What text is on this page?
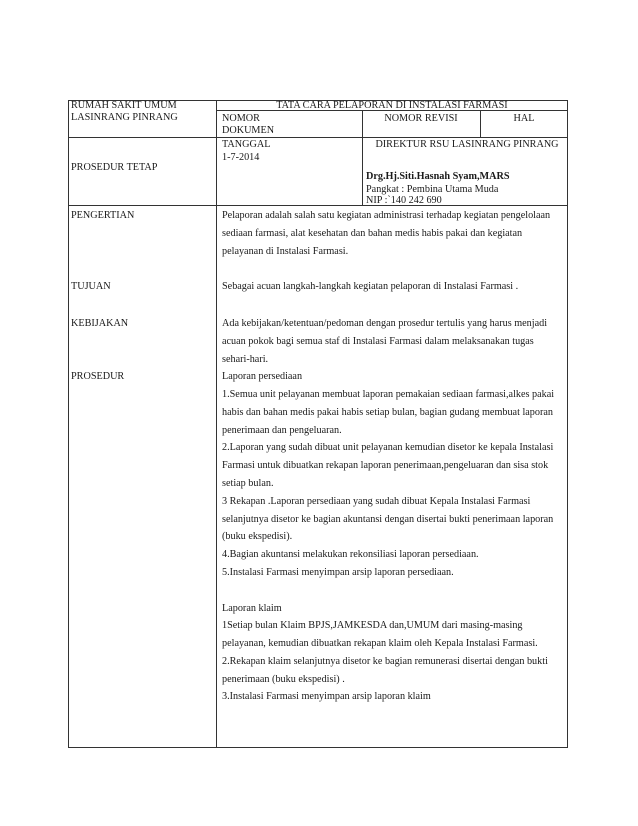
RUMAH SAKIT UMUM
LASINRANG PINRANG
TATA CARA PELAPORAN DI INSTALASI FARMASI
NOMOR
DOKUMEN
NOMOR REVISI	HAL
PROSEDUR TETAP
TANGGAL
1-7-2014
DIREKTUR RSU LASINRANG PINRANG
Drg.Hj.Siti.Hasnah Syam,MARS
Pangkat : Pembina Utama Muda
NIP :`140 242 690
PENGERTIAN
TUJUAN
KEBIJAKAN
PROSEDUR
Pelaporan adalah salah satu kegiatan administrasi terhadap kegiatan pengelolaan
sediaan farmasi, alat kesehatan dan bahan medis habis pakai dan kegiatan
pelayanan di Instalasi Farmasi.
Sebagai acuan langkah-langkah kegiatan pelaporan di Instalasi Farmasi .
Ada kebijakan/ketentuan/pedoman dengan prosedur tertulis yang harus menjadi
acuan pokok bagi semua staf di Instalasi Farmasi dalam melaksanakan tugas
sehari-hari.
Laporan persediaan
1.Semua unit pelayanan membuat laporan pemakaian sediaan farmasi,alkes pakai
habis dan bahan medis pakai habis setiap bulan, bagian gudang membuat laporan
penerimaan dan pengeluaran.
2.Laporan yang sudah dibuat unit pelayanan kemudian disetor ke kepala Instalasi
Farmasi untuk dibuatkan rekapan laporan penerimaan,pengeluaran dan sisa stok
setiap bulan.
3 Rekapan .Laporan persediaan yang sudah dibuat Kepala Instalasi Farmasi
selanjutnya disetor ke bagian akuntansi dengan disertai bukti penerimaan laporan
(buku ekspedisi).
4.Bagian akuntansi melakukan rekonsiliasi laporan persediaan.
5.Instalasi Farmasi menyimpan arsip laporan persediaan.
Laporan klaim
1Setiap bulan Klaim BPJS,JAMKESDA dan,UMUM dari masing-masing
pelayanan, kemudian dibuatkan rekapan klaim oleh Kepala Instalasi Farmasi.
2.Rekapan klaim selanjutnya disetor ke bagian remunerasi disertai dengan bukti
penerimaan (buku ekspedisi) .
3.Instalasi Farmasi menyimpan arsip laporan klaim
